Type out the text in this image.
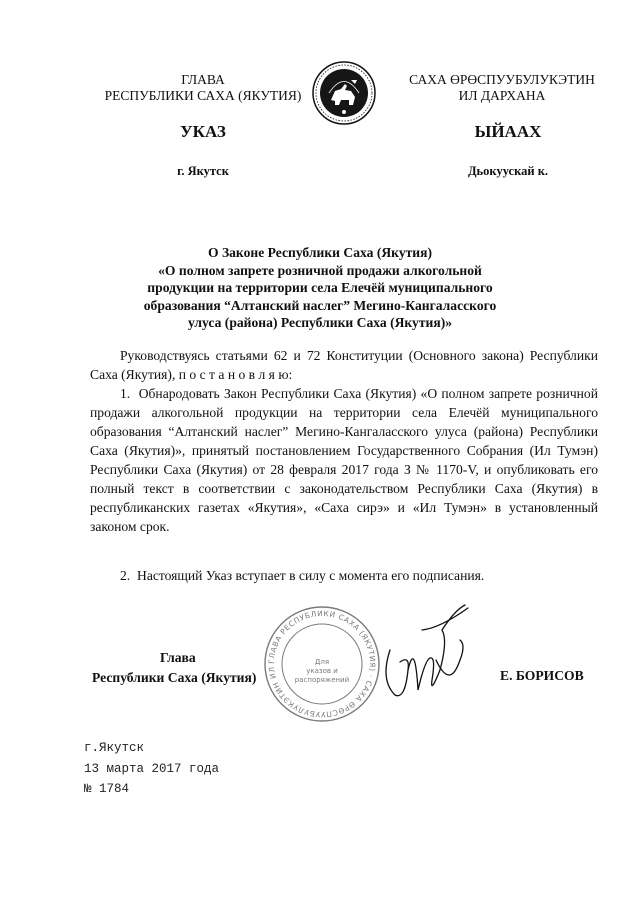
ГЛАВА
РЕСПУБЛИКИ САХА (ЯКУТИЯ)
САХА ӨРӨСПУУБУЛУКЭТИН
ИЛ ДАРХАНА
УКАЗ	ЫЙААХ
г. Якутск	Дьокуускай к.
О Законе Республики Саха (Якутия)
«О полном запрете розничной продажи алкогольной
продукции на территории села Елечёй муниципального
образования “Алтанский наслег” Мегино-Кангаласского
улуса (района) Республики Саха (Якутия)»
Руководствуясь статьями 62 и 72 Конституции (Основного закона) Республики Саха (Якутия), п о с т а н о в л я ю:
1. Обнародовать Закон Республики Саха (Якутия) «О полном запрете розничной продажи алкогольной продукции на территории села Елечёй муниципального образования “Алтанский наслег” Мегино-Кангаласского улуса (района) Республики Саха (Якутия)», принятый постановлением Государственного Собрания (Ил Тумэн) Республики Саха (Якутия) от 28 февраля 2017 года З № 1170-V, и опубликовать его полный текст в соответствии с законодательством Республики Саха (Якутия) в республиканских газетах «Якутия», «Саха сирэ» и «Ил Тумэн» в установленный законом срок.
2. Настоящий Указ вступает в силу с момента его подписания.
ГЛАВА РЕСПУБЛИКИ САХА (ЯКУТИЯ) · САХА ӨРӨСПУУБУЛУКЭТИН ИЛ
Для
указов и
распоряжений
Глава
Республики Саха (Якутия)	Е. БОРИСОВ
г.Якутск
13 марта 2017 года
№ 1784
